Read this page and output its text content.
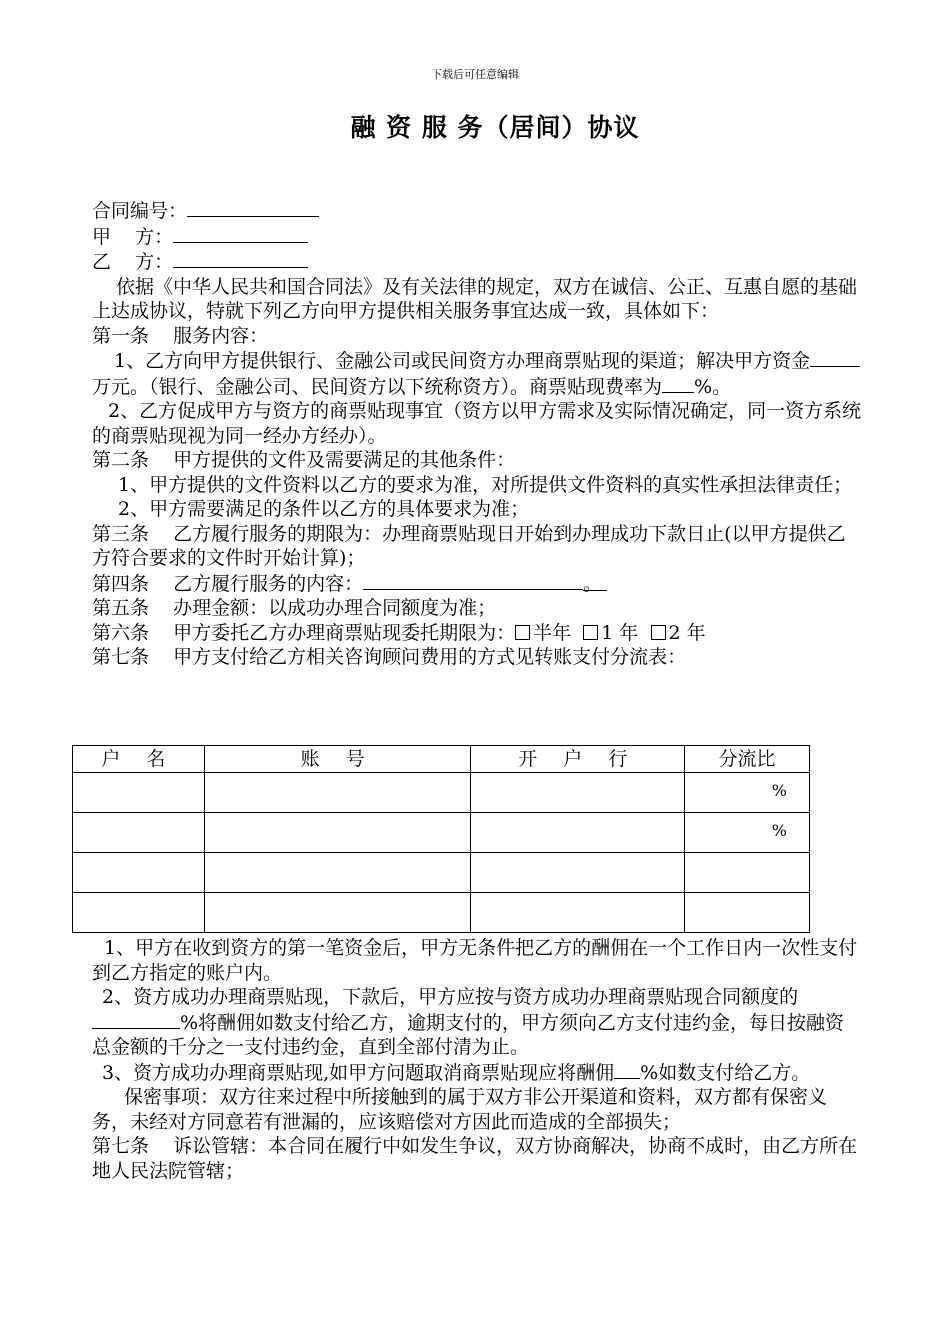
下载后可任意编辑
融 资 服 务（居间）协议
合同编号：
甲    方：
乙    方：
依据《中华人民共和国合同法》及有关法律的规定，双方在诚信、公正、互惠自愿的基础上达成协议，特就下列乙方向甲方提供相关服务事宜达成一致，具体如下：
第一条    服务内容：
1、乙方向甲方提供银行、金融公司或民间资方办理商票贴现的渠道；解决甲方资金万元。（银行、金融公司、民间资方以下统称资方）。商票贴现费率为 %。
2、乙方促成甲方与资方的商票贴现事宜（资方以甲方需求及实际情况确定，同一资方系统的商票贴现视为同一经办方经办）。
第二条    甲方提供的文件及需要满足的其他条件：
1、甲方提供的文件资料以乙方的要求为准，对所提供文件资料的真实性承担法律责任；
2、甲方需要满足的条件以乙方的具体要求为准；
第三条    乙方履行服务的期限为：办理商票贴现日开始到办理成功下款日止(以甲方提供乙方符合要求的文件时开始计算)；
第四条    乙方履行服务的内容：	。
第五条    办理金额：以成功办理合同额度为准；
第六条    甲方委托乙方办理商票贴现委托期限为： 半年 1 年 2 年
第七条    甲方支付给乙方相关咨询顾问费用的方式见转账支付分流表：
户 名	账 号	开 户 行	分流比
			%
			%

1、甲方在收到资方的第一笔资金后，甲方无条件把乙方的酬佣在一个工作日内一次性支付到乙方指定的账户内。
2、资方成功办理商票贴现，下款后，甲方应按与资方成功办理商票贴现合同额度的%将酬佣如数支付给乙方，逾期支付的，甲方须向乙方支付违约金，每日按融资总金额的千分之一支付违约金，直到全部付清为止。
3、资方成功办理商票贴现,如甲方问题取消商票贴现应将酬佣 %如数支付给乙方。
保密事项：双方往来过程中所接触到的属于双方非公开渠道和资料，双方都有保密义务，未经对方同意若有泄漏的，应该赔偿对方因此而造成的全部损失；
第七条    诉讼管辖：本合同在履行中如发生争议，双方协商解决，协商不成时，由乙方所在地人民法院管辖；
